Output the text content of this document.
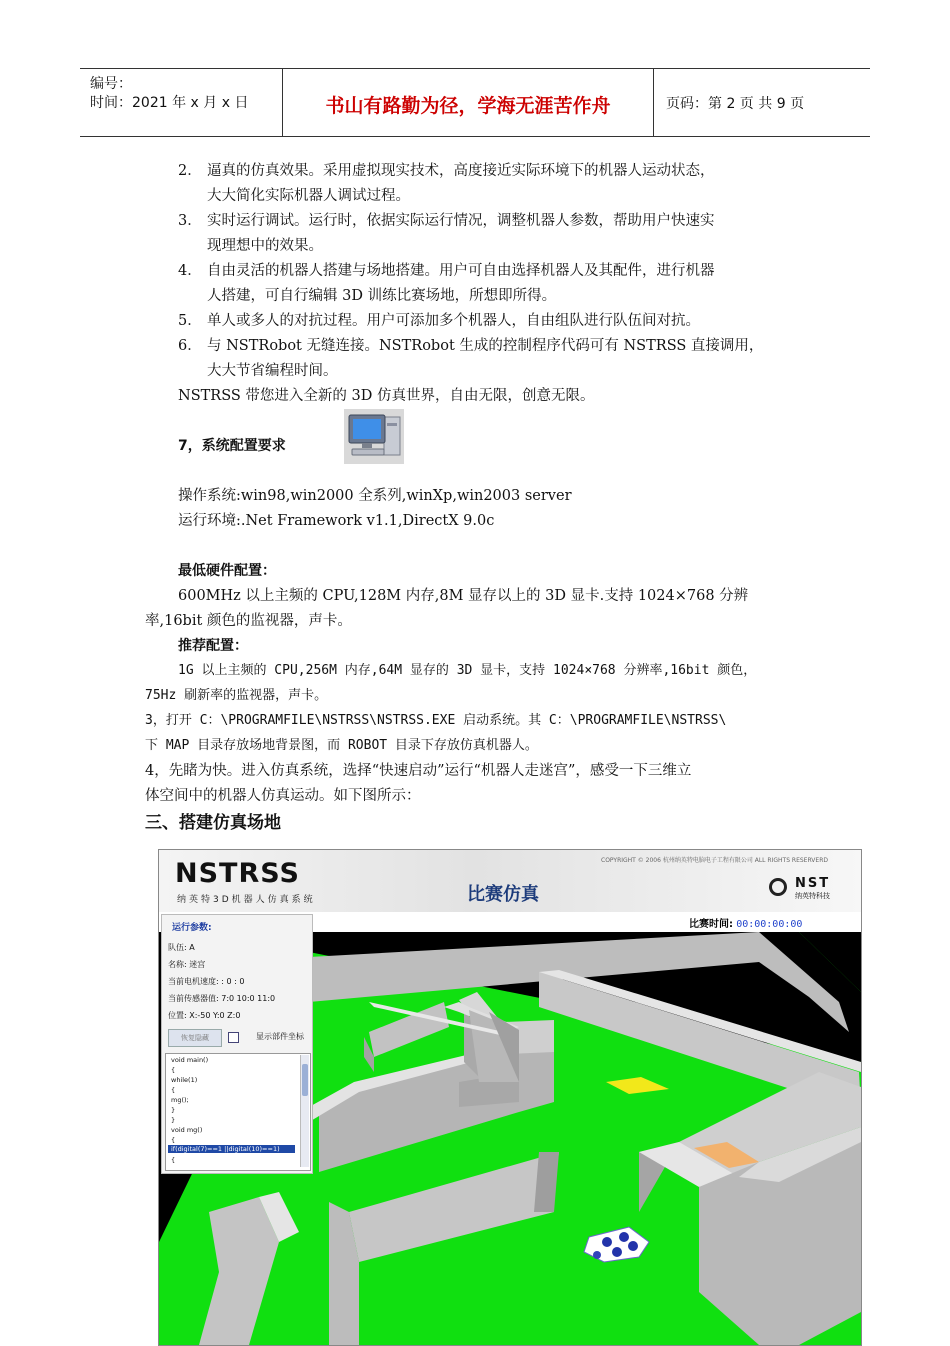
编号：
时间：2021 年 x 月 x 日	书山有路勤为径，学海无涯苦作舟	页码：第 2 页 共 9 页
2． 逼真的仿真效果。采用虚拟现实技术，高度接近实际环境下的机器人运动状态，
大大简化实际机器人调试过程。
3． 实时运行调试。运行时，依据实际运行情况，调整机器人参数，帮助用户快速实
现理想中的效果。
4． 自由灵活的机器人搭建与场地搭建。用户可自由选择机器人及其配件，进行机器
人搭建，可自行编辑 3D 训练比赛场地，所想即所得。
5． 单人或多人的对抗过程。用户可添加多个机器人，自由组队进行队伍间对抗。
6． 与 NSTRobot 无缝连接。NSTRobot 生成的控制程序代码可有 NSTRSS 直接调用，
大大节省编程时间。
NSTRSS 带您进入全新的 3D 仿真世界，自由无限，创意无限。
7，系统配置要求
操作系统:win98,win2000 全系列,winXp,win2003 server
运行环境:.Net Framework v1.1,DirectX 9.0c
最低硬件配置：
600MHz 以上主频的 CPU,128M 内存,8M 显存以上的 3D 显卡.支持 1024×768 分辨
率,16bit 颜色的监视器，声卡。
推荐配置：
1G 以上主频的 CPU,256M 内存,64M 显存的 3D 显卡，支持 1024×768 分辨率,16bit 颜色，
75Hz 刷新率的监视器，声卡。
3，打开 C：\PROGRAMFILE\NSTRSS\NSTRSS.EXE 启动系统。其 C：\PROGRAMFILE\NSTRSS\
下 MAP 目录存放场地背景图，而 ROBOT 目录下存放仿真机器人。
4，先睹为快。进入仿真系统，选择“快速启动”运行“机器人走迷宫”，感受一下三维立
体空间中的机器人仿真运动。如下图所示：
三、搭建仿真场地
NSTRSS
纳英特3D机器人仿真系统
COPYRIGHT © 2006 杭州纳英特电脑电子工程有限公司 ALL RIGHTS RESERVERD
比赛仿真
NST
纳英特科技
比赛时间: 00:00:00:00
运行参数:
队伍: A
名称: 迷宫
当前电机速度: : 0 : 0
当前传感器值: 7:0 10:0 11:0
位置: X:-50 Y:0 Z:0
恢复隐藏	显示部件坐标
void main()
{
while(1)
{
mg();
}
}
void mg()
{
if(digital(7)==1 ||digital(10)==1)
{
